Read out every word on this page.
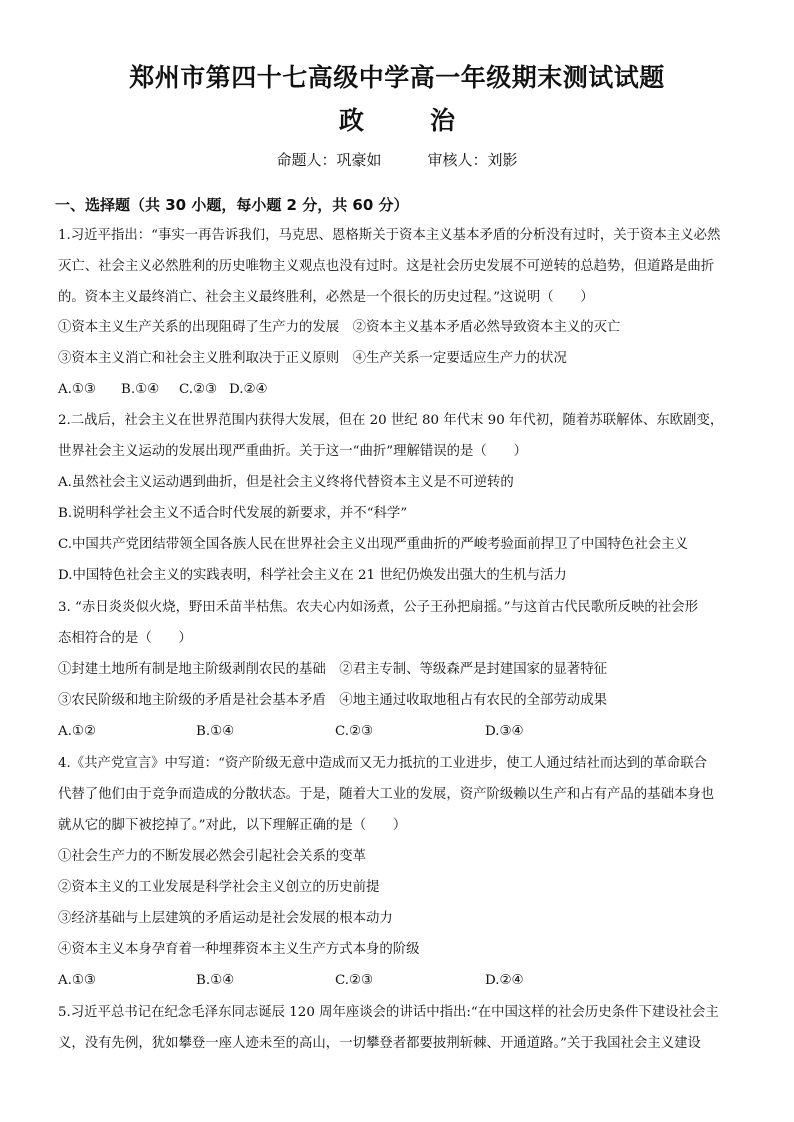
郑州市第四十七高级中学高一年级期末测试试题
政	治
命题人：巩豪如	审核人：刘影
一、选择题（共 30 小题，每小题 2 分，共 60 分）
1.习近平指出：“事实一再告诉我们，马克思、恩格斯关于资本主义基本矛盾的分析没有过时，关于资本主义必然
灭亡、社会主义必然胜利的历史唯物主义观点也没有过时。这是社会历史发展不可逆转的总趋势，但道路是曲折
的。资本主义最终消亡、社会主义最终胜利，必然是一个很长的历史过程。”这说明（　　）
①资本主义生产关系的出现阻碍了生产力的发展　②资本主义基本矛盾必然导致资本主义的灭亡
③资本主义消亡和社会主义胜利取决于正义原则　④生产关系一定要适应生产力的状况
A.①③	B.①④	C.②③ D.②④
2.二战后，社会主义在世界范围内获得大发展，但在 20 世纪 80 年代末 90 年代初，随着苏联解体、东欧剧变，
世界社会主义运动的发展出现严重曲折。关于这一“曲折”理解错误的是（　　）
A.虽然社会主义运动遇到曲折，但是社会主义终将代替资本主义是不可逆转的
B.说明科学社会主义不适合时代发展的新要求，并不“科学”
C.中国共产党团结带领全国各族人民在世界社会主义出现严重曲折的严峻考验面前捍卫了中国特色社会主义
D.中国特色社会主义的实践表明，科学社会主义在 21 世纪仍焕发出强大的生机与活力
3. “赤日炎炎似火烧，野田禾苗半枯焦。农夫心内如汤煮，公子王孙把扇摇。”与这首古代民歌所反映的社会形
态相符合的是（　　）
①封建土地所有制是地主阶级剥削农民的基础　②君主专制、等级森严是封建国家的显著特征
③农民阶级和地主阶级的矛盾是社会基本矛盾　④地主通过收取地租占有农民的全部劳动成果
A.①②	B.①④	C.②③	D.③④
4.《共产党宣言》中写道：“资产阶级无意中造成而又无力抵抗的工业进步，使工人通过结社而达到的革命联合
代替了他们由于竞争而造成的分散状态。于是，随着大工业的发展，资产阶级赖以生产和占有产品的基础本身也
就从它的脚下被挖掉了。”对此，以下理解正确的是（　　）
①社会生产力的不断发展必然会引起社会关系的变革
②资本主义的工业发展是科学社会主义创立的历史前提
③经济基础与上层建筑的矛盾运动是社会发展的根本动力
④资本主义本身孕育着一种埋葬资本主义生产方式本身的阶级
A.①③	B.①④	C.②③	D.②④
5.习近平总书记在纪念毛泽东同志诞辰 120 周年座谈会的讲话中指出:“在中国这样的社会历史条件下建设社会主
义，没有先例，犹如攀登一座人迹未至的高山，一切攀登者都要披荆斩棘、开通道路。”关于我国社会主义建设
